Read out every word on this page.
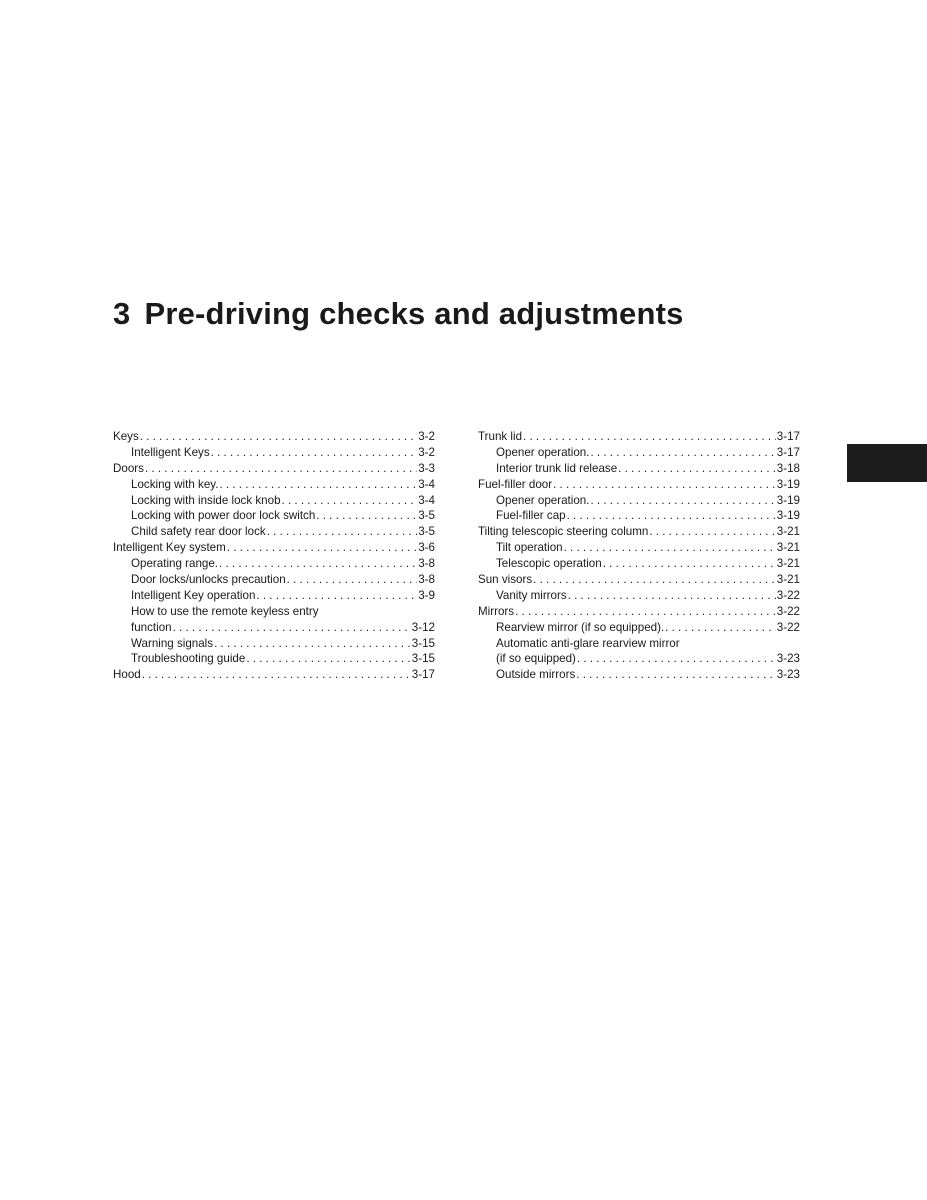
3 Pre-driving checks and adjustments
Keys . . .	3-2
Intelligent Keys . . .	3-2
Doors . . .	3-3
Locking with key. . . .	3-4
Locking with inside lock knob . . .	3-4
Locking with power door lock switch . . .	3-5
Child safety rear door lock . . .	3-5
Intelligent Key system . . .	3-6
Operating range. . . .	3-8
Door locks/unlocks precaution . . .	3-8
Intelligent Key operation . . .	3-9
How to use the remote keyless entry
function . . .	3-12
Warning signals . . .	3-15
Troubleshooting guide . . .	3-15
Hood . . .	3-17
Trunk lid . . .	3-17
Opener operation. . . .	3-17
Interior trunk lid release . . .	3-18
Fuel-filler door . . .	3-19
Opener operation. . . .	3-19
Fuel-filler cap . . .	3-19
Tilting telescopic steering column . . .	3-21
Tilt operation . . .	3-21
Telescopic operation . . .	3-21
Sun visors . . .	3-21
Vanity mirrors . . .	3-22
Mirrors . . .	3-22
Rearview mirror (if so equipped). . . .	3-22
Automatic anti-glare rearview mirror
(if so equipped) . . .	3-23
Outside mirrors . . .	3-23
